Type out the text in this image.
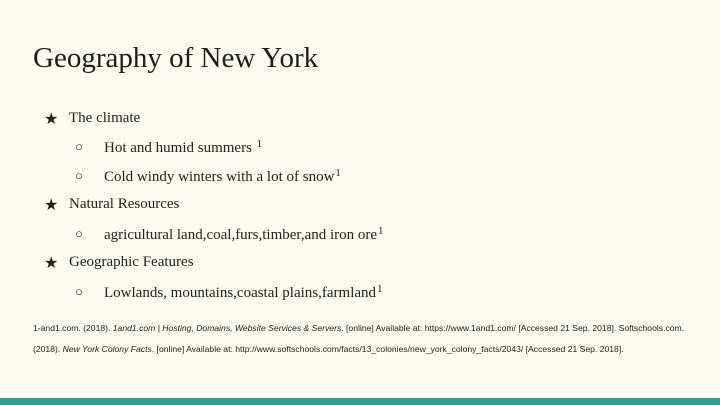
Geography of New York
★ The climate
○ Hot and humid summers $^1$
○ Cold windy winters with a lot of snow$^1$
★ Natural Resources
○ agricultural land,coal,furs,timber,and iron ore$^1$
★ Geographic Features
○ Lowlands, mountains,coastal plains,farmland$^1$
1-and1.com. (2018). 1and1.com | Hosting, Domains, Website Services & Servers. [online] Available at: https://www.1and1.com/ [Accessed 21 Sep. 2018]. Softschools.com. (2018). New York Colony Facts. [online] Available at: http://www.softschools.com/facts/13_colonies/new_york_colony_facts/2043/ [Accessed 21 Sep. 2018].
